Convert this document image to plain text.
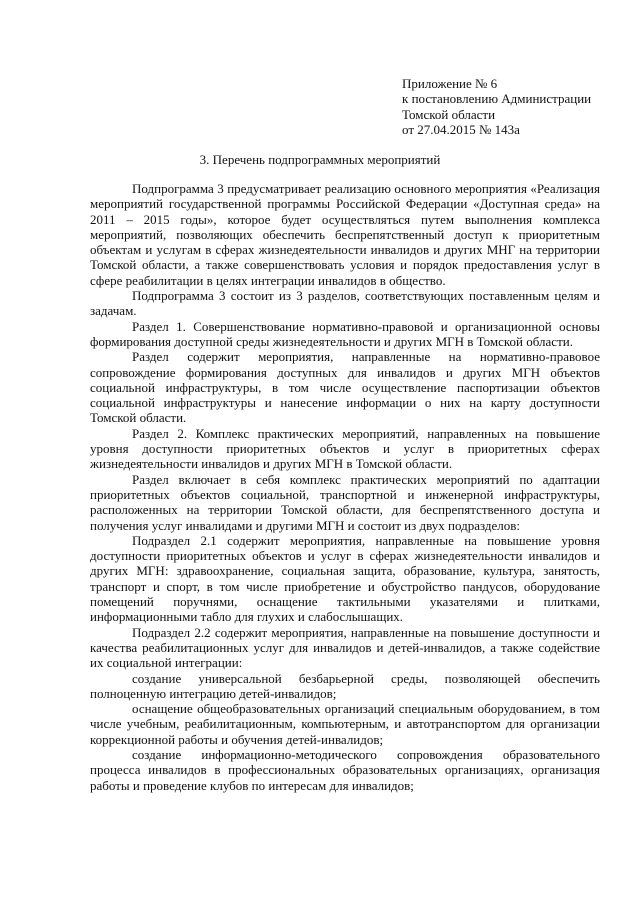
Приложение № 6
к постановлению Администрации
Томской области
от 27.04.2015 № 143а
3. Перечень подпрограммных мероприятий

Подпрограмма 3 предусматривает реализацию основного мероприятия «Реализация мероприятий государственной программы Российской Федерации «Доступная среда» на 2011 – 2015 годы», которое будет осуществляться путем выполнения комплекса мероприятий, позволяющих обеспечить беспрепятственный доступ к приоритетным объектам и услугам в сферах жизнедеятельности инвалидов и других МНГ на территории Томской области, а также совершенствовать условия и порядок предоставления услуг в сфере реабилитации в целях интеграции инвалидов в общество.

Подпрограмма 3 состоит из 3 разделов, соответствующих поставленным целям и задачам.

Раздел 1. Совершенствование нормативно-правовой и организационной основы формирования доступной среды жизнедеятельности и других МГН в Томской области.

Раздел содержит мероприятия, направленные на нормативно-правовое сопровождение формирования доступных для инвалидов и других МГН объектов социальной инфраструктуры, в том числе осуществление паспортизации объектов социальной инфраструктуры и нанесение информации о них на карту доступности Томской области.

Раздел 2. Комплекс практических мероприятий, направленных на повышение уровня доступности приоритетных объектов и услуг в приоритетных сферах жизнедеятельности инвалидов и других МГН в Томской области.

Раздел включает в себя комплекс практических мероприятий по адаптации приоритетных объектов социальной, транспортной и инженерной инфраструктуры, расположенных на территории Томской области, для беспрепятственного доступа и получения услуг инвалидами и другими МГН и состоит из двух подразделов:

Подраздел 2.1 содержит мероприятия, направленные на повышение уровня доступности приоритетных объектов и услуг в сферах жизнедеятельности инвалидов и других МГН: здравоохранение, социальная защита, образование, культура, занятость, транспорт и спорт, в том числе приобретение и обустройство пандусов, оборудование помещений поручнями, оснащение тактильными указателями и плитками, информационными табло для глухих и слабослышащих.

Подраздел 2.2 содержит мероприятия, направленные на повышение доступности и качества реабилитационных услуг для инвалидов и детей-инвалидов, а также содействие их социальной интеграции:

создание универсальной безбарьерной среды, позволяющей обеспечить полноценную интеграцию детей-инвалидов;

оснащение общеобразовательных организаций специальным оборудованием, в том числе учебным, реабилитационным, компьютерным, и автотранспортом для организации коррекционной работы и обучения детей-инвалидов;

создание информационно-методического сопровождения образовательного процесса инвалидов в профессиональных образовательных организациях, организация работы и проведение клубов по интересам для инвалидов;
